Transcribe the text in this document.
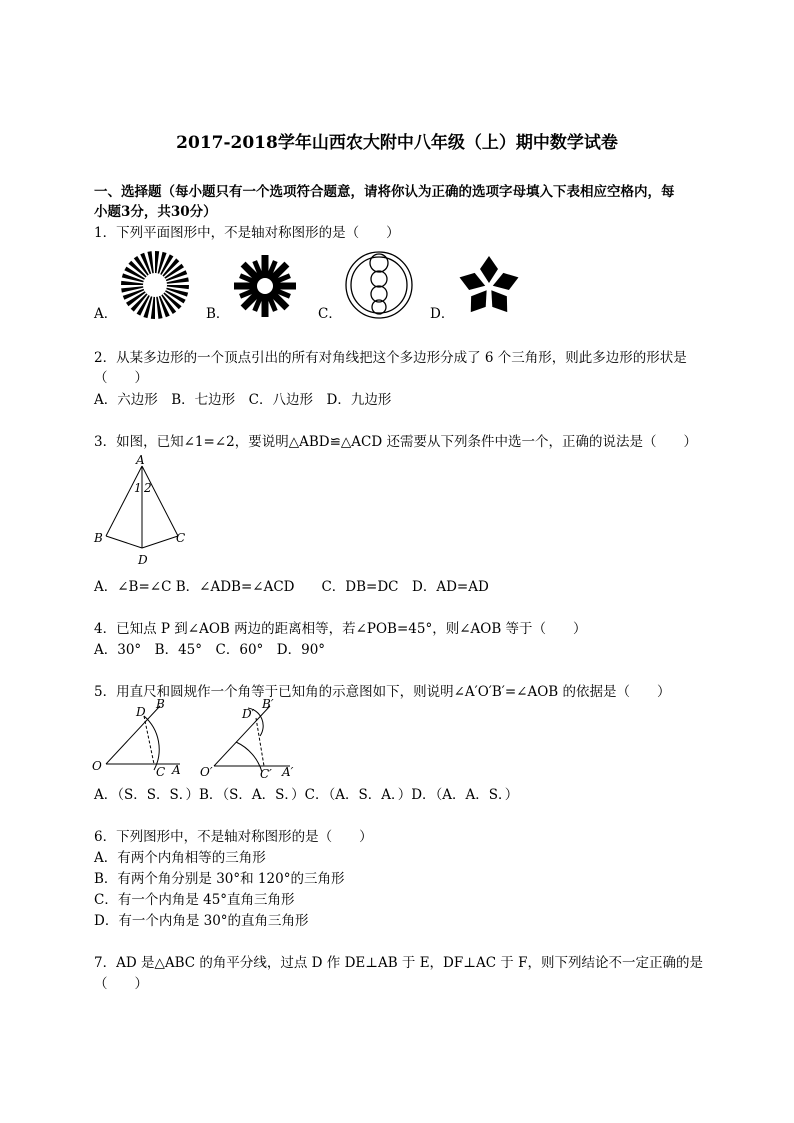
2017-2018学年山西农大附中八年级（上）期中数学试卷
一、选择题（每小题只有一个选项符合题意，请将你认为正确的选项字母填入下表相应空格内，每
小题3分，共30分）
1．下列平面图形中，不是轴对称图形的是（　　）
A．	B．	C．	D．
2．从某多边形的一个顶点引出的所有对角线把这个多边形分成了 6 个三角形，则此多边形的形状是
（　　）
A．六边形　B．七边形　C．八边形　D．九边形
3．如图，已知∠1=∠2，要说明△ABD≌△ACD 还需要从下列条件中选一个，正确的说法是（　　）
A
1 2
B	C
D
A．∠B=∠C B．∠ADB=∠ACD　　C．DB=DC　D．AD=AD
4．已知点 P 到∠AOB 两边的距离相等，若∠POB=45°，则∠AOB 等于（　　）
A．30°　B．45°　C．60°　D．90°
5．用直尺和圆规作一个角等于已知角的示意图如下，则说明∠A′O′B′=∠AOB 的依据是（　　）
D
B
O	C A
D′
B′
O′	C′ A′
A．（S．S．S．）B．（S．A．S．）C．（A．S．A．）D．（A．A．S．）
6．下列图形中，不是轴对称图形的是（　　）
A．有两个内角相等的三角形
B．有两个角分别是 30°和 120°的三角形
C．有一个内角是 45°直角三角形
D．有一个内角是 30°的直角三角形
7．AD 是△ABC 的角平分线，过点 D 作 DE⊥AB 于 E，DF⊥AC 于 F，则下列结论不一定正确的是
（　　）
